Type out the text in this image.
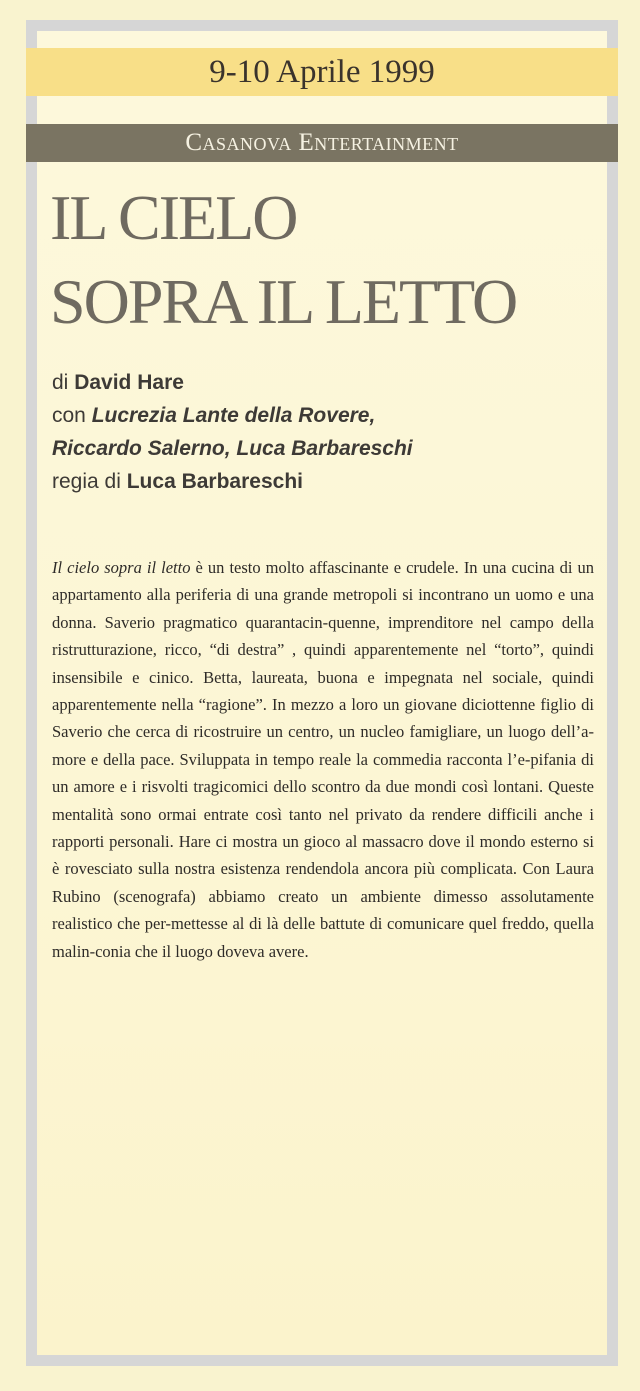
9-10 Aprile 1999
Casanova Entertainment
IL CIELO
SOPRA IL LETTO
di David Hare
con Lucrezia Lante della Rovere,
Riccardo Salerno, Luca Barbareschi
regia di Luca Barbareschi
Il cielo sopra il letto è un testo molto affascinante e crudele. In una cucina di un appartamento alla periferia di una grande metropoli si incontrano un uomo e una donna. Saverio pragmatico quarantacin-quenne, imprenditore nel campo della ristrutturazione, ricco, “di destra” , quindi apparentemente nel “torto”, quindi insensibile e cinico. Betta, laureata, buona e impegnata nel sociale, quindi apparentemente nella “ragione”. In mezzo a loro un giovane diciottenne figlio di Saverio che cerca di ricostruire un centro, un nucleo famigliare, un luogo dell’a-more e della pace. Sviluppata in tempo reale la commedia racconta l’e-pifania di un amore e i risvolti tragicomici dello scontro da due mondi così lontani. Queste mentalità sono ormai entrate così tanto nel privato da rendere difficili anche i rapporti personali. Hare ci mostra un gioco al massacro dove il mondo esterno si è rovesciato sulla nostra esistenza rendendola ancora più complicata. Con Laura Rubino (scenografa) abbiamo creato un ambiente dimesso assolutamente realistico che per-mettesse al di là delle battute di comunicare quel freddo, quella malin-conia che il luogo doveva avere.
